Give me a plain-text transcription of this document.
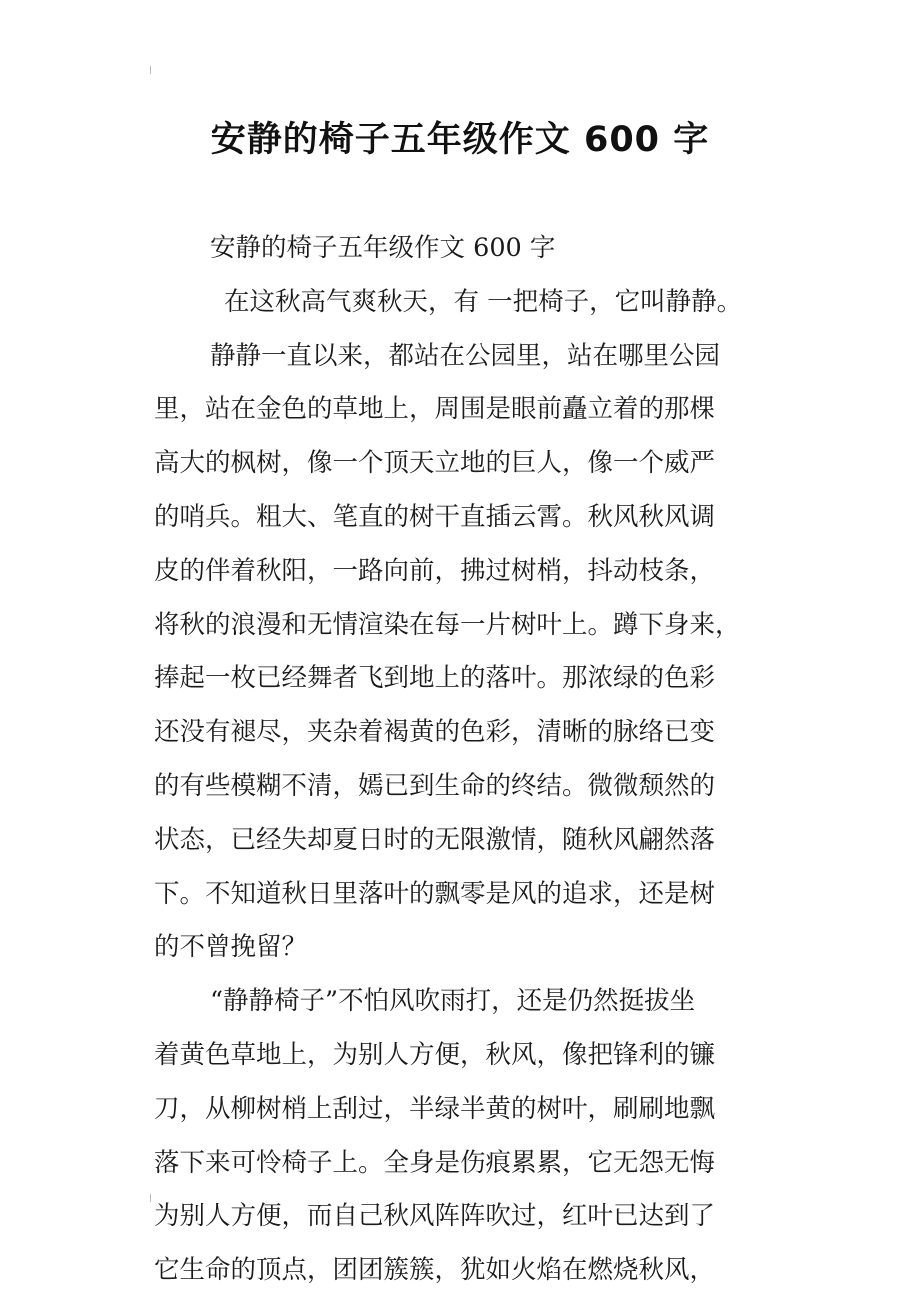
安静的椅子五年级作文 600 字
安静的椅子五年级作文 600 字
在这秋高气爽秋天，有 一把椅子，它叫静静。
静静一直以来，都站在公园里，站在哪里公园
里，站在金色的草地上，周围是眼前矗立着的那棵
高大的枫树，像一个顶天立地的巨人，像一个威严
的哨兵。粗大、笔直的树干直插云霄。秋风秋风调
皮的伴着秋阳，一路向前，拂过树梢，抖动枝条，
将秋的浪漫和无情渲染在每一片树叶上。蹲下身来，
捧起一枚已经舞者飞到地上的落叶。那浓绿的色彩
还没有褪尽，夹杂着褐黄的色彩，清晰的脉络已变
的有些模糊不清，嫣已到生命的终结。微微颓然的
状态，已经失却夏日时的无限激情，随秋风翩然落
下。不知道秋日里落叶的飘零是风的追求，还是树
的不曾挽留？
“静静椅子”不怕风吹雨打，还是仍然挺拔坐
着黄色草地上，为别人方便，秋风，像把锋利的镰
刀，从柳树梢上刮过，半绿半黄的树叶，刷刷地飘
落下来可怜椅子上。全身是伤痕累累，它无怨无悔
为别人方便，而自己秋风阵阵吹过，红叶已达到了
它生命的顶点，团团簇簇，犹如火焰在燃烧秋风，
